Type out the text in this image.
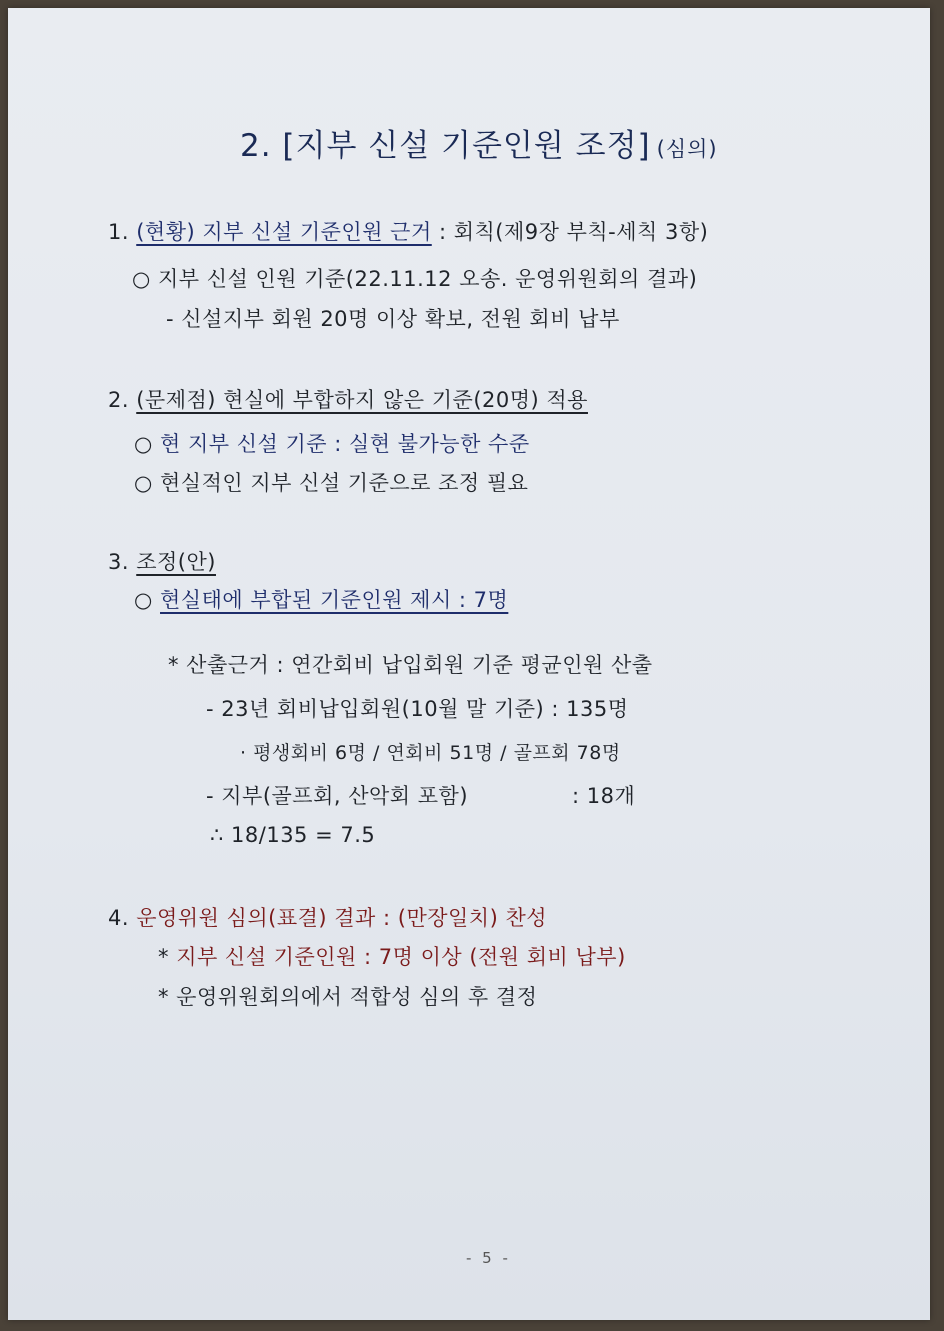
2. [지부 신설 기준인원 조정] (심의)
1. (현황) 지부 신설 기준인원 근거 : 회칙(제9장 부칙-세칙 3항)
○ 지부 신설 인원 기준(22.11.12 오송. 운영위원회의 결과)
- 신설지부 회원 20명 이상 확보, 전원 회비 납부
2. (문제점) 현실에 부합하지 않은 기준(20명) 적용
○ 현 지부 신설 기준 : 실현 불가능한 수준
○ 현실적인 지부 신설 기준으로 조정 필요
3. 조정(안)
○ 현실태에 부합된 기준인원 제시 : 7명
* 산출근거 : 연간회비 납입회원 기준 평균인원 산출
- 23년 회비납입회원(10월 말 기준) : 135명
· 평생회비 6명 / 연회비 51명 / 골프회 78명
- 지부(골프회, 산악회 포함)	: 18개
∴ 18/135 = 7.5
4. 운영위원 심의(표결) 결과 : (만장일치) 찬성
* 지부 신설 기준인원 : 7명 이상 (전원 회비 납부)
* 운영위원회의에서 적합성 심의 후 결정
- 5 -
